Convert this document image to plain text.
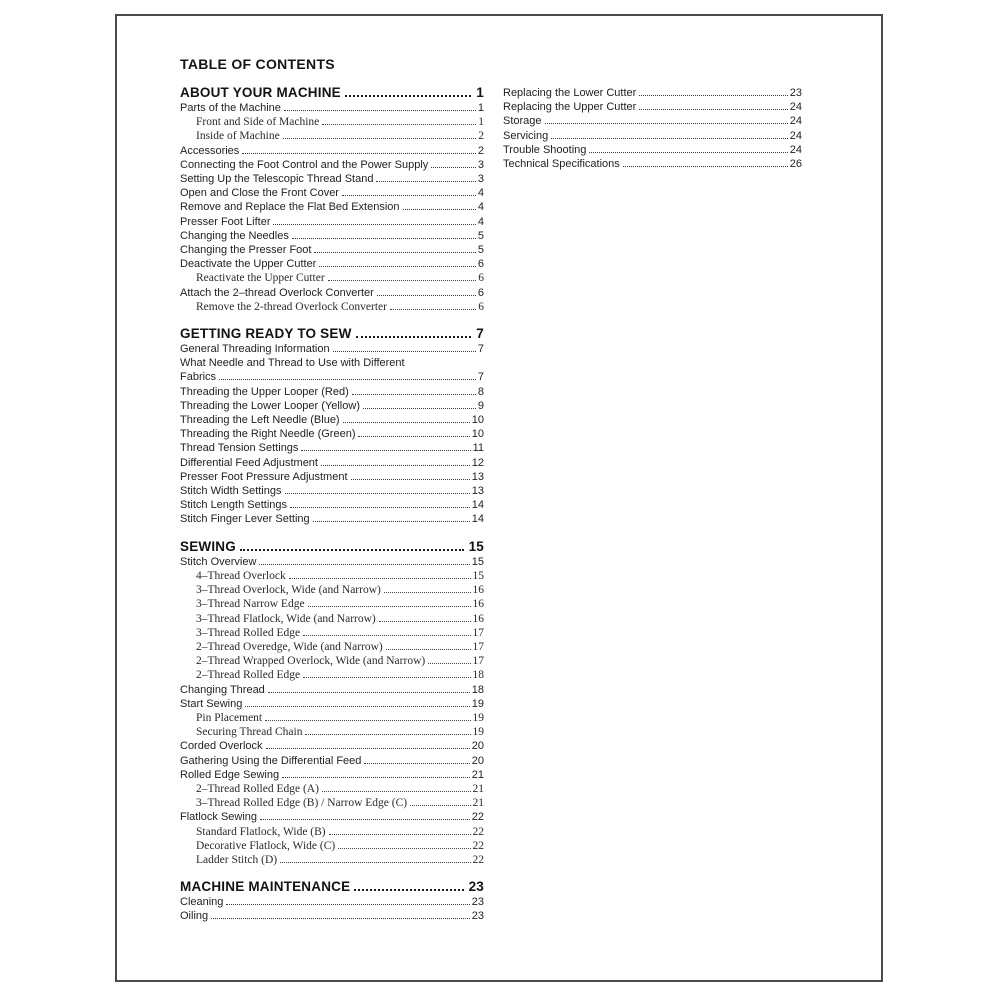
TABLE OF CONTENTS
ABOUT YOUR MACHINE	1
Parts of the Machine	1
Front and Side of Machine	1
Inside of Machine	2
Accessories	2
Connecting the Foot Control and the Power Supply	3
Setting Up the Telescopic Thread Stand	3
Open and Close the Front Cover	4
Remove and Replace the Flat Bed Extension	4
Presser Foot Lifter	4
Changing the Needles	5
Changing the Presser Foot	5
Deactivate the Upper Cutter	6
Reactivate the Upper Cutter	6
Attach the 2–thread Overlock Converter	6
Remove the 2-thread Overlock Converter	6
GETTING READY TO SEW	7
General Threading Information	7
What Needle and Thread to Use with Different
Fabrics	7
Threading the Upper Looper (Red)	8
Threading the Lower Looper (Yellow)	9
Threading the Left Needle (Blue)	10
Threading the Right Needle (Green)	10
Thread Tension Settings	11
Differential Feed Adjustment	12
Presser Foot Pressure Adjustment	13
Stitch Width Settings	13
Stitch Length Settings	14
Stitch Finger Lever Setting	14
SEWING	15
Stitch Overview	15
4–Thread Overlock	15
3–Thread Overlock, Wide (and Narrow)	16
3–Thread Narrow Edge	16
3–Thread Flatlock, Wide (and Narrow)	16
3–Thread Rolled Edge	17
2–Thread Overedge, Wide (and Narrow)	17
2–Thread Wrapped Overlock, Wide (and Narrow)	17
2–Thread Rolled Edge	18
Changing Thread	18
Start Sewing	19
Pin Placement	19
Securing Thread Chain	19
Corded Overlock	20
Gathering Using the Differential Feed	20
Rolled Edge Sewing	21
2–Thread Rolled Edge (A)	21
3–Thread Rolled Edge (B) / Narrow Edge (C)	21
Flatlock Sewing	22
Standard Flatlock, Wide (B)	22
Decorative Flatlock, Wide (C)	22
Ladder Stitch (D)	22
MACHINE MAINTENANCE	23
Cleaning	23
Oiling	23
Replacing the Lower Cutter	23
Replacing the Upper Cutter	24
Storage	24
Servicing	24
Trouble Shooting	24
Technical Specifications	26
